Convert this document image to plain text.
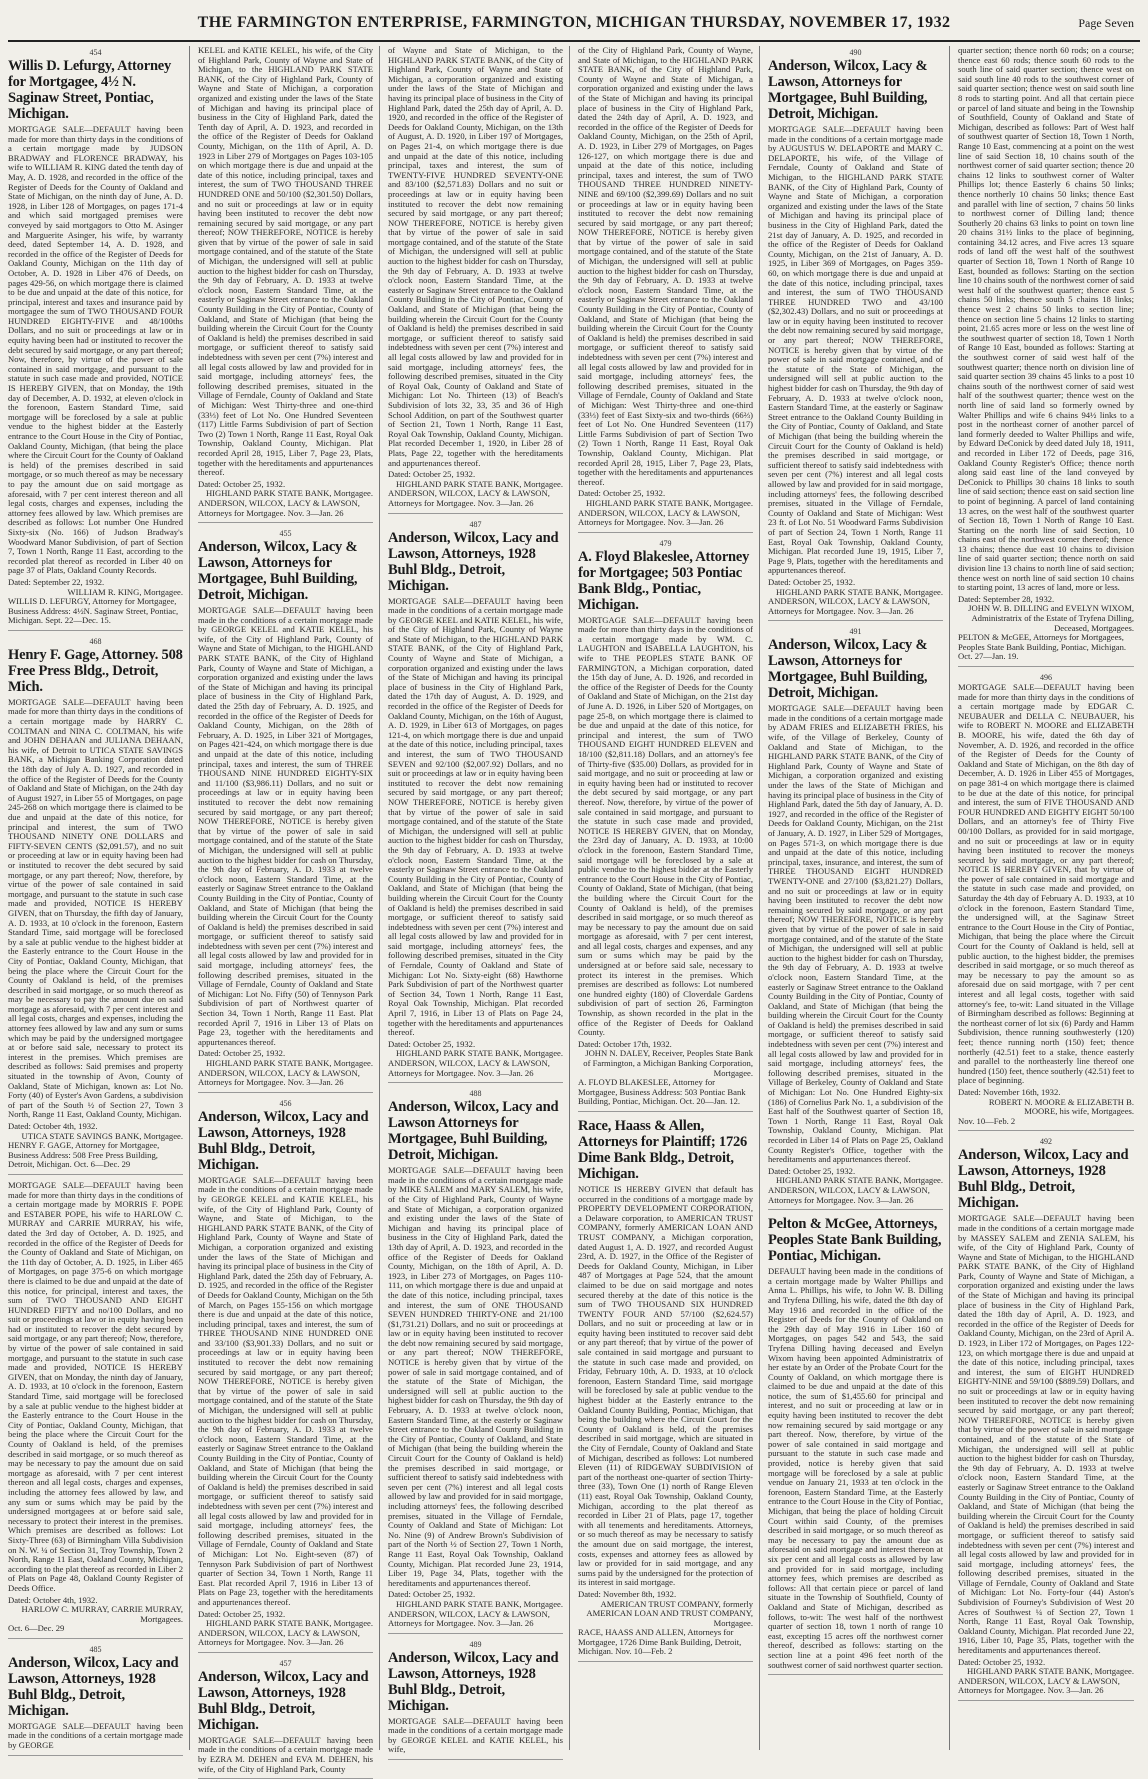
THE FARMINGTON ENTERPRISE, FARMINGTON, MICHIGAN THURSDAY, NOVEMBER 17, 1932	Page Seven
454
Willis D. Lefurgy, Attorney for Mortgagee, 4½ N. Saginaw Street, Pontiac, Michigan.
MORTGAGE SALE—DEFAULT having been made for more than thirty days in the conditions of a certain mortgage made by JUDSON BRADWAY and FLORENCE BRADWAY, his wife to WILLIAM R. KING dated the tenth day of May, A. D. 1928, and recorded in the office of the Register of Deeds for the County of Oakland and State of Michigan, on the ninth day of June, A. D. 1928, in Liber 128 of Mortgages, on pages 171-4 and which said mortgaged premises were conveyed by said mortgagors to Otto M. Asinger and Marguerite Asinger, his wife, by warranty deed, dated September 14, A. D. 1928, and recorded in the office of the Register of Deeds for Oakland County, Michigan on the 11th day of October, A. D. 1928 in Liber 476 of Deeds, on pages 429-56, on which mortgage there is claimed to be due and unpaid at the date of this notice, for principal, interest and taxes and insurance paid by mortgagee the sum of TWO THOUSAND FOUR HUNDRED EIGHTY-FIVE and 48/100ths Dollars, and no suit or proceedings at law or in equity having been had or instituted to recover the debt secured by said mortgage, or any part thereof; Now, therefore, by virtue of the power of sale contained in said mortgage, and pursuant to the statute in such case made and provided, NOTICE IS HEREBY GIVEN, that on Monday, the 19th day of December, A. D. 1932, at eleven o'clock in the forenoon, Eastern Standard Time, said mortgage will be foreclosed by a sale at public vendue to the highest bidder at the Easterly entrance to the Court House in the City of Pontiac, Oakland County, Michigan, (that being the place where the Circuit Court for the County of Oakland is held) of the premises described in said mortgage, or so much thereof as may be necessary to pay the amount due on said mortgage as aforesaid, with 7 per cent interest thereon and all legal costs, charges and expenses, including the attorney fees allowed by law. Which premises are described as follows: Lot number One Hundred Sixty-six (No. 166) of Judson Bradway's Woodward Manor Subdivision, of part of Section 7, Town 1 North, Range 11 East, according to the recorded plat thereof as recorded in Liber 40 on page 37 of Plats, Oakland County Records.
Dated: September 22, 1932.
WILLIAM R. KING, Mortgagee.
WILLIS D. LEFURGY, Attorney for Mortgagee, Business Address: 4½N. Saginaw Street, Pontiac, Michigan. Sept. 22—Dec. 15.
468
Henry F. Gage, Attorney. 508 Free Press Bldg., Detroit, Mich.
MORTGAGE SALE—DEFAULT having been made for more than thirty days in the conditions of a certain mortgage made by HARRY C. COLTMAN and NINA C. COLTMAN, his wife and JOHN DEHAAN and JULIANA DEHAAN, his wife, of Detroit to UTICA STATE SAVINGS BANK, a Michigan Banking Corporation dated the 18th day of July A. D. 1927, and recorded in the office of the Register of Deeds for the County of Oakland and State of Michigan, on the 24th day of August 1927, in Liber 55 of Mortgages, on page 245-268 on which mortgage there is claimed to be due and unpaid at the date of this notice, for principal and interest, the sum of TWO THOUSAND NINETY ONE DOLLARS and FIFTY-SEVEN CENTS ($2,091.57), and no suit or proceeding at law or in equity having been had or instituted to recover the debt secured by said mortgage, or any part thereof; Now, therefore, by virtue of the power of sale contained in said mortgage, and pursuant to the statute in such case made and provided, NOTICE IS HEREBY GIVEN, that on Thursday, the fifth day of January, A. D. 1933, at 10 o'clock in the forenoon, Eastern Standard Time, said mortgage will be foreclosed by a sale at public vendue to the highest bidder at the Easterly entrance to the Court House in the City of Pontiac, Oakland County, Michigan, that being the place where the Circuit Court for the County of Oakland is held, of the premises described in said mortgage, or so much thereof as may be necessary to pay the amount due on said mortgage as aforesaid, with 7 per cent interest and all legal costs, charges and expenses, including the attorney fees allowed by law and any sum or sums which may be paid by the undersigned mortgagee at or before said sale, necessary to protect its interest in the premises. Which premises are described as follows: Said premises and property situated in the township of Avon, County of Oakland, State of Michigan, known as: Lot No. Forty (40) of Eyster's Avon Gardens, a subdivision of part of the South ½ of Section 27, Town 3 North, Range 11 East, Oakland County, Michigan.
Dated: October 4th, 1932.
UTICA STATE SAVINGS BANK, Mortgagee.
HENRY F. GAGE, Attorney for Mortgagee, Business Address: 508 Free Press Building, Detroit, Michigan. Oct. 6—Dec. 29
MORTGAGE SALE—DEFAULT having been made for more than thirty days in the conditions of a certain mortgage made by MORRIS F. POPE and ESTABER POPE, his wife to HARLOW C. MURRAY and CARRIE MURRAY, his wife, dated the 3rd day of October, A. D. 1925, and recorded in the office of the Register of Deeds for the County of Oakland and State of Michigan, on the 11th day of October, A. D. 1925, in Liber 465 of Mortgages, on page 375-6 on which mortgage there is claimed to be due and unpaid at the date of this notice, for principal, interest and taxes, the sum of TWO THOUSAND AND EIGHT HUNDRED FIFTY and no/100 Dollars, and no suit or proceedings at law or in equity having been had or instituted to recover the debt secured by said mortgage, or any part thereof; Now, therefore, by virtue of the power of sale contained in said mortgage, and pursuant to the statute in such case made and provided, NOTICE IS HEREBY GIVEN, that on Monday, the ninth day of January, A. D. 1933, at 10 o'clock in the forenoon, Eastern Standard Time, said mortgage will be foreclosed by a sale at public vendue to the highest bidder at the Easterly entrance to the Court House in the City of Pontiac, Oakland County, Michigan, that being the place where the Circuit Court for the County of Oakland is held, of the premises described in said mortgage, or so much thereof as may be necessary to pay the amount due on said mortgage as aforesaid, with 7 per cent interest thereon and all legal costs, charges and expenses, including the attorney fees allowed by law, and any sum or sums which may be paid by the undersigned mortgagees at or before said sale, necessary to protect their interest in the premises. Which premises are described as follows: Lot Sixty-Three (63) of Birmingham Villa Subdivision on N. W. ¼ of Section 31, Troy Township, Town 2 North, Range 11 East, Oakland County, Michigan, according to the plat thereof as recorded in Liber 2 of Plats on Page 48, Oakland County Register of Deeds Office.
Dated: October 4th, 1932.
HARLOW C. MURRAY, CARRIE MURRAY, Mortgagees.
Oct. 6—Dec. 29
485
Anderson, Wilcox, Lacy and Lawson, Attorneys, 1928 Buhl Bldg., Detroit, Michigan.
MORTGAGE SALE—DEFAULT having been made in the conditions of a certain mortgage made by GEORGE
KELEL and KATIE KELEL, his wife, of the City of Highland Park, County of Wayne and State of Michigan, to the HIGHLAND PARK STATE BANK, of the City of Highland Park, County of Wayne and State of Michigan, a corporation organized and existing under the laws of the State of Michigan and having its principal place of business in the City of Highland Park, dated the Tenth day of April, A. D. 1923, and recorded in the office of the Register of Deeds for Oakland County, Michigan, on the 11th of April, A. D. 1923 in Liber 279 of Mortgages on Pages 103-105 on which mortgage there is due and unpaid at the date of this notice, including principal, taxes and interest, the sum of TWO THOUSAND THREE HUNDRED ONE and 50/100 ($2,301.50) Dollars, and no suit or proceedings at law or in equity having been instituted to recover the debt now remaining secured by said mortgage, or any part thereof; NOW THEREFORE, NOTICE is hereby given that by virtue of the power of sale in said mortgage contained, and of the statute of the State of Michigan, the undersigned will sell at public auction to the highest bidder for cash on Thursday, the 9th day of February, A. D. 1933 at twelve o'clock noon, Eastern Standard Time, at the easterly or Saginaw Street entrance to the Oakland County Building in the City of Pontiac, County of Oakland, and State of Michigan (that being the building wherein the Circuit Court for the County of Oakland is held) the premises described in said mortgage, or sufficient thereof to satisfy said indebtedness with seven per cent (7%) interest and all legal costs allowed by law and provided for in said mortgage, including attorneys' fees, the following described premises, situated in the Village of Ferndale, County of Oakland and State of Michigan: West Thirty-three and one-third (33⅓) feet of Lot No. One Hundred Seventeen (117) Little Farms Subdivision of part of Section Two (2) Town 1 North, Range 11 East, Royal Oak Township, Oakland County, Michigan. Plat recorded April 28, 1915, Liber 7, Page 23, Plats, together with the hereditaments and appurtenances thereof.
Dated: October 25, 1932.
HIGHLAND PARK STATE BANK, Mortgagee.
ANDERSON, WILCOX, LACY & LAWSON, Attorneys for Mortgagee. Nov. 3—Jan. 26
455
Anderson, Wilcox, Lacy & Lawson, Attorneys for Mortgagee, Buhl Building, Detroit, Michigan.
MORTGAGE SALE—DEFAULT having been made in the conditions of a certain mortgage made by GEORGE KELEL and KATIE KELEL, his wife, of the City of Highland Park, County of Wayne and State of Michigan, to the HIGHLAND PARK STATE BANK, of the City of Highland Park, County of Wayne and State of Michigan, a corporation organized and existing under the laws of the State of Michigan and having its principal place of business in the City of Highland Park, dated the 25th day of February, A. D. 1925, and recorded in the office of the Register of Deeds for Oakland County, Michigan, on the 28th of February, A. D. 1925, in Liber 321 of Mortgages, on Pages 421-424, on which mortgage there is due and unpaid at the date of this notice, including principal, taxes and interest, the sum of THREE THOUSAND NINE HUNDRED EIGHTY-SIX and 11/100 ($3,986.11) Dollars, and no suit or proceedings at law or in equity having been instituted to recover the debt now remaining secured by said mortgage, or any part thereof; NOW THEREFORE, NOTICE is hereby given that by virtue of the power of sale in said mortgage contained, and of the statute of the State of Michigan, the undersigned will sell at public auction to the highest bidder for cash on Thursday, the 9th day of February, A. D. 1933 at twelve o'clock noon, Eastern Standard Time, at the easterly or Saginaw Street entrance to the Oakland County Building in the City of Pontiac, County of Oakland, and State of Michigan (that being the building wherein the Circuit Court for the County of Oakland is held) the premises described in said mortgage, or sufficient thereof to satisfy said indebtedness with seven per cent (7%) interest and all legal costs allowed by law and provided for in said mortgage, including attorneys' fees, the following described premises, situated in the Village of Ferndale, County of Oakland and State of Michigan: Lot No. Fifty (50) of Tennyson Park Subdivision of part of Northwest quarter of Section 34, Town 1 North, Range 11 East. Plat recorded April 7, 1916 in Liber 13 of Plats on Page 23, together with the hereditaments and appurtenances thereof.
Dated: October 25, 1932.
HIGHLAND PARK STATE BANK, Mortgagee.
ANDERSON, WILCOX, LACY & LAWSON, Attorneys for Mortgagee. Nov. 3—Jan. 26
456
Anderson, Wilcox, Lacy and Lawson, Attorneys, 1928 Buhl Bldg., Detroit, Michigan.
MORTGAGE SALE—DEFAULT having been made in the conditions of a certain mortgage made by GEORGE KELEL and KATIE KELEL, his wife, of the City of Highland Park, County of Wayne, and State of Michigan, to the HIGHLAND PARK STATE BANK, of the City of Highland Park, County of Wayne and State of Michigan, a corporation organized and existing under the laws of the State of Michigan and having its principal place of business in the City of Highland Park, dated the 25th day of February, A. D. 1925, and recorded in the office of the Register of Deeds for Oakland County, Michigan on the 5th of March, on Pages 155-156 on which mortgage there is due and unpaid at the date of this notice, including principal, taxes and interest, the sum of THREE THOUSAND NINE HUNDRED ONE and 33/100 ($3,901.33) Dollars, and no suit or proceedings at law or in equity having been instituted to recover the debt now remaining secured by said mortgage, or any part thereof; NOW THEREFORE, NOTICE is hereby given that by virtue of the power of sale in said mortgage contained, and of the statute of the State of Michigan, the undersigned will sell at public auction to the highest bidder for cash on Thursday, the 9th day of February, A. D. 1933 at twelve o'clock noon, Eastern Standard Time, at the easterly or Saginaw Street entrance to the Oakland County Building in the City of Pontiac, County of Oakland, and State of Michigan (that being the building wherein the Circuit Court for the County of Oakland is held) the premises described in said mortgage, or sufficient thereof to satisfy said indebtedness with seven per cent (7%) interest and all legal costs allowed by law and provided for in said mortgage, including attorneys' fees, the following described premises, situated in the Village of Ferndale, County of Oakland and State of Michigan: Lot No. Eight-seven (87) of Tennyson Park Subdivision of part of Northwest quarter of Section 34, Town 1 North, Range 11 East. Plat recorded April 7, 1916 in Liber 13 of Plats on Page 23, together with the hereditaments and appurtenances thereof.
Dated: October 25, 1932.
HIGHLAND PARK STATE BANK, Mortgagee.
ANDERSON, WILCOX, LACY & LAWSON, Attorneys for Mortgagee. Nov. 3—Jan. 26
457
Anderson, Wilcox, Lacy and Lawson, Attorneys, 1928 Buhl Bldg., Detroit, Michigan.
MORTGAGE SALE—DEFAULT having been made in the conditions of a certain mortgage made by EZRA M. DEHEN and EVA M. DEHEN, his wife, of the City of Highland Park, County
of Wayne and State of Michigan, to the HIGHLAND PARK STATE BANK, of the City of Highland Park, County of Wayne and State of Michigan, a corporation organized and existing under the laws of the State of Michigan and having its principal place of business in the City of Highland Park, dated the 25th day of April, A. D. 1920, and recorded in the office of the Register of Deeds for Oakland County, Michigan, on the 13th of August, A. D. 1920, in Liber 197 of Mortgages, on Pages 21-4, on which mortgage there is due and unpaid at the date of this notice, including principal, taxes and interest, the sum of TWENTY-FIVE HUNDRED SEVENTY-ONE and 83/100 ($2,571.83) Dollars and no suit or proceedings at law or in equity having been instituted to recover the debt now remaining secured by said mortgage, or any part thereof; NOW THEREFORE, NOTICE is hereby given that by virtue of the power of sale in said mortgage contained, and of the statute of the State of Michigan, the undersigned will sell at public auction to the highest bidder for cash on Thursday, the 9th day of February, A. D. 1933 at twelve o'clock noon, Eastern Standard Time, at the easterly or Saginaw Street entrance to the Oakland County Building in the City of Pontiac, County of Oakland, and State of Michigan (that being the building wherein the Circuit Court for the County of Oakland is held) the premises described in said mortgage, or sufficient thereof to satisfy said indebtedness with seven per cent (7%) interest and all legal costs allowed by law and provided for in said mortgage, including attorneys' fees, the following described premises, situated in the City of Royal Oak, County of Oakland and State of Michigan: Lot No. Thirteen (13) of Beach's Subdivision of lots 32, 33, 35 and 36 of High School Addition, on part of the Southwest quarter of Section 21, Town 1 North, Range 11 East, Royal Oak Township, Oakland County, Michigan. Plat recorded December 1, 1920, in Liber 28 of Plats, Page 22, together with the hereditaments and appurtenances thereof.
Dated: October 25, 1932.
HIGHLAND PARK STATE BANK, Mortgagee.
ANDERSON, WILCOX, LACY & LAWSON, Attorneys for Mortgagee. Nov. 3—Jan. 26
487
Anderson, Wilcox, Lacy and Lawson, Attorneys, 1928 Buhl Bldg., Detroit, Michigan.
MORTGAGE SALE—DEFAULT having been made in the conditions of a certain mortgage made by GEORGE KEEL and KATIE KELEL, his wife, of the City of Highland Park, County of Wayne and State of Michigan, to the HIGHLAND PARK STATE BANK, of the City of Highland Park, County of Wayne and State of Michigan, a corporation organized and existing under the laws of the State of Michigan and having its principal place of business in the City of Highland Park, dated the 17th day of August, A. D. 1929, and recorded in the office of the Register of Deeds for Oakland County, Michigan, on the 16th of August, A. D. 1929, in Liber 613 of Mortgages, on pages 121-4, on which mortgage there is due and unpaid at the date of this notice, including principal, taxes and interest, the sum of TWO THOUSAND SEVEN and 92/100 ($2,007.92) Dollars, and no suit or proceedings at law or in equity having been instituted to recover the debt now remaining secured by said mortgage, or any part thereof; NOW THEREFORE, NOTICE is hereby given that by virtue of the power of sale in said mortgage contained, and of the statute of the State of Michigan, the undersigned will sell at public auction to the highest bidder for cash on Thursday, the 9th day of February, A. D. 1933 at twelve o'clock noon, Eastern Standard Time, at the easterly or Saginaw Street entrance to the Oakland County Building in the City of Pontiac, County of Oakland, and State of Michigan (that being the building wherein the Circuit Court for the County of Oakland is held) the premises described in said mortgage, or sufficient thereof to satisfy said indebtedness with seven per cent (7%) interest and all legal costs allowed by law and provided for in said mortgage, including attorneys' fees, the following described premises, situated in the City of Ferndale, County of Oakland and State of Michigan: Lot No. Sixty-eight (68) Hawthorne Park Subdivision of part of the Northwest quarter of Section 34, Town 1 North, Range 11 East, Royal Oak Township, Michigan. Plat recorded April 7, 1916, in Liber 13 of Plats on Page 24, together with the hereditaments and appurtenances thereof.
Dated: October 25, 1932.
HIGHLAND PARK STATE BANK, Mortgagee.
ANDERSON, WILCOX, LACY & LAWSON, Attorneys for Mortgagee. Nov. 3—Jan. 26
488
Anderson, Wilcox, Lacy and Lawson Attorneys for Mortgagee, Buhl Building, Detroit, Michigan.
MORTGAGE SALE—DEFAULT having been made in the conditions of a certain mortgage made by MIKE SALEM and MARY SALEM, his wife, of the City of Highland Park, County of Wayne and State of Michigan, a corporation organized and existing under the laws of the State of Michigan and having its principal place of business in the City of Highland Park, dated the 13th day of April, A. D. 1923, and recorded in the office of the Register of Deeds for Oakland County, Michigan, on the 18th of April, A. D. 1923, in Liber 273 of Mortgages, on Pages 110-111, on which mortgage there is due and unpaid at the date of this notice, including principal, taxes and interest, the sum of ONE THOUSAND SEVEN HUNDRED THIRTY-ONE and 21/100 ($1,731.21) Dollars, and no suit or proceedings at law or in equity having been instituted to recover the debt now remaining secured by said mortgage, or any part thereof; NOW THEREFORE, NOTICE is hereby given that by virtue of the power of sale in said mortgage contained, and of the statute of the State of Michigan, the undersigned will sell at public auction to the highest bidder for cash on Thursday, the 9th day of February, A. D. 1933 at twelve o'clock noon, Eastern Standard Time, at the easterly or Saginaw Street entrance to the Oakland County Building in the City of Pontiac, County of Oakland, and State of Michigan (that being the building wherein the Circuit Court for the County of Oakland is held) the premises described in said mortgage, or sufficient thereof to satisfy said indebtedness with seven per cent (7%) interest and all legal costs allowed by law and provided for in said mortgage, including attorneys' fees, the following described premises, situated in the Village of Ferndale, County of Oakland and State of Michigan: Lot No. Nine (9) of Andrew Brown's Subdivision of part of the North ½ of Section 27, Town 1 North, Range 11 East, Royal Oak Township, Oakland County, Michigan. Plat recorded June 23, 1914, Liber 19, Page 34, Plats, together with the hereditaments and appurtenances thereof.
Dated: October 25, 1932.
HIGHLAND PARK STATE BANK, Mortgagee.
ANDERSON, WILCOX, LACY & LAWSON, Attorneys for Mortgagee. Nov. 3—Jan. 26
489
Anderson, Wilcox, Lacy and Lawson, Attorneys, 1928 Buhl Bldg., Detroit, Michigan.
MORTGAGE SALE—DEFAULT having been made in the conditions of a certain mortgage made by GEORGE KELEL and KATIE KELEL, his wife,
of the City of Highland Park, County of Wayne, and State of Michigan, to the HIGHLAND PARK STATE BANK, of the City of Highland Park, County of Wayne and State of Michigan, a corporation organized and existing under the laws of the State of Michigan and having its principal place of business in the City of Highland Park, dated the 24th day of April, A. D. 1923, and recorded in the office of the Register of Deeds for Oakland County, Michigan, on the 25th of April, A. D. 1923, in Liber 279 of Mortgages, on Pages 126-127, on which mortgage there is due and unpaid at the date of this notice, including principal, taxes and interest, the sum of TWO THOUSAND THREE HUNDRED NINETY-NINE and 69/100 ($2,399.69) Dollars and no suit or proceedings at law or in equity having been instituted to recover the debt now remaining secured by said mortgage, or any part thereof; NOW THEREFORE, NOTICE is hereby given that by virtue of the power of sale in said mortgage contained, and of the statute of the State of Michigan, the undersigned will sell at public auction to the highest bidder for cash on Thursday, the 9th day of February, A. D. 1933 at twelve o'clock noon, Eastern Standard Time, at the easterly or Saginaw Street entrance to the Oakland County Building in the City of Pontiac, County of Oakland, and State of Michigan (that being the building wherein the Circuit Court for the County of Oakland is held) the premises described in said mortgage, or sufficient thereof to satisfy said indebtedness with seven per cent (7%) interest and all legal costs allowed by law and provided for in said mortgage, including attorneys' fees, the following described premises, situated in the Village of Ferndale, County of Oakland and State of Michigan: West Thirty-three and one-third (33⅓) feet of East Sixty-six and two-thirds (66⅔) feet of Lot No. One Hundred Seventeen (117) Little Farms Subdivision of part of Section Two (2) Town 1 North, Range 11 East, Royal Oak Township, Oakland County, Michigan. Plat recorded April 28, 1915, Liber 7, Page 23, Plats, together with the hereditaments and appurtenances thereof.
Dated: October 25, 1932.
HIGHLAND PARK STATE BANK, Mortgagee.
ANDERSON, WILCOX, LACY & LAWSON, Attorneys for Mortgagee. Nov. 3—Jan. 26
479
A. Floyd Blakeslee, Attorney for Mortgagee; 503 Pontiac Bank Bldg., Pontiac, Michigan.
MORTGAGE SALE—DEFAULT having been made for more than thirty days in the conditions of a certain mortgage made by WM. C. LAUGHTON and ISABELLA LAUGHTON, his wife to THE PEOPLES STATE BANK OF FARMINGTON, a Michigan corporation, dated the 15th day of June, A. D. 1926, and recorded in the office of the Register of Deeds for the County of Oakland and State of Michigan, on the 21st day of June A. D. 1926, in Liber 520 of Mortgages, on page 25-8, on which mortgage there is claimed to be due and unpaid at the date of this notice, for principal and interest, the sum of TWO THOUSAND EIGHT HUNDRED ELEVEN and 18/100 ($2,811.18) Dollars, and an attorney's fee of Thirty-five ($35.00) Dollars, as provided for in said mortgage, and no suit or proceeding at law or in equity having been had or instituted to recover the debt secured by said mortgage, or any part thereof. Now, therefore, by virtue of the power of sale contained in said mortgage, and pursuant to the statute in such case made and provided, NOTICE IS HEREBY GIVEN, that on Monday, the 23rd day of January, A. D. 1933, at 10:00 o'clock in the forenoon, Eastern Standard Time, said mortgage will be foreclosed by a sale at public vendue to the highest bidder at the Easterly entrance to the Court House in the City of Pontiac, County of Oakland, State of Michigan, (that being the building where the Circuit Court for the County of Oakland is held), of the premises described in said mortgage, or so much thereof as may be necessary to pay the amount due on said mortgage as aforesaid, with 7 per cent interest, and all legal costs, charges and expenses, and any sum or sums which may be paid by the undersigned at or before said sale, necessary to protect its interest in the premises. Which premises are described as follows: Lot numbered one hundred eighty (180) of Cloverdale Gardens subdivision of part of section 26, Farmington Township, as shown recorded in the plat in the office of the Register of Deeds for Oakland County.
Dated: October 17th, 1932.
JOHN N. DALEY, Receiver, Peoples State Bank of Farmington, a Michigan Banking Corporation, Mortgagee.
A. FLOYD BLAKESLEE, Attorney for Mortgagee, Business Address: 503 Pontiac Bank Building, Pontiac, Michigan. Oct. 20—Jan. 12.
Race, Haass & Allen, Attorneys for Plaintiff; 1726 Dime Bank Bldg., Detroit, Michigan.
NOTICE IS HEREBY GIVEN that default has occurred in the conditions of a mortgage made by PROPERTY DEVELOPMENT CORPORATION, a Delaware corporation, to AMERICAN TRUST COMPANY, formerly AMERICAN LOAN AND TRUST COMPANY, a Michigan corporation, dated August 1, A. D. 1927, and recorded August 23rd, A. D. 1927, in the Office of the Register of Deeds for Oakland County, Michigan, in Liber 487 of Mortgages at Page 524, that the amount claimed to be due on said mortgage and notes secured thereby at the date of this notice is the sum of TWO THOUSAND SIX HUNDRED TWENTY FOUR AND 57/100 ($2,624.57) Dollars, and no suit or proceeding at law or in equity having been instituted to recover said debt or any part thereof; that by virtue of the power of sale contained in said mortgage and pursuant to the statute in such case made and provided, on Friday, February 10th, A. D. 1933, at 10 o'clock forenoon, Eastern Standard Time, said mortgage will be foreclosed by sale at public vendue to the highest bidder at the Easterly entrance to the Oakland County Building, Pontiac, Michigan, that being the building where the Circuit Court for the County of Oakland is held, of the premises described in said mortgage, which are situated in the City of Ferndale, County of Oakland and State of Michigan, described as follows: Lot numbered Eleven (11) of RIDGEWAY SUBDIVISION of part of the northeast one-quarter of section Thirty-three (33), Town One (1) north of Range Eleven (11) east, Royal Oak Township, Oakland County, Michigan, according to the plat thereof as recorded in Liber 21 of Plats, page 17, together with all tenements and hereditaments. Attorneys, or so much thereof as may be necessary to satisfy the amount due on said mortgage, the interest, costs, expenses and attorney fees as allowed by law or provided for in said mortgage, and any sums paid by the undersigned for the protection of its interest in said mortgage.
Dated: November 8th, 1932.
AMERICAN TRUST COMPANY, formerly AMERICAN LOAN AND TRUST COMPANY, Mortgagee.
RACE, HAASS AND ALLEN, Attorneys for Mortgagee, 1726 Dime Bank Building, Detroit, Michigan. Nov. 10—Feb. 2
490
Anderson, Wilcox, Lacy & Lawson, Attorneys for Mortgagee, Buhl Building, Detroit, Michigan.
MORTGAGE SALE—DEFAULT having been made in the conditions of a certain mortgage made by AUGUSTUS W. DELAPORTE and MARY C. DELAPORTE, his wife, of the Village of Ferndale, County of Oakland and State of Michigan, to the HIGHLAND PARK STATE BANK, of the City of Highland Park, County of Wayne and State of Michigan, a corporation organized and existing under the laws of the State of Michigan and having its principal place of business in the City of Highland Park, dated the 21st day of January, A. D. 1925, and recorded in the office of the Register of Deeds for Oakland County, Michigan, on the 21st of January, A. D. 1925, in Liber 369 of Mortgages, on Pages 359-60, on which mortgage there is due and unpaid at the date of this notice, including principal, taxes and interest, the sum of TWO THOUSAND THREE HUNDRED TWO and 43/100 ($2,302.43) Dollars, and no suit or proceedings at law or in equity having been instituted to recover the debt now remaining secured by said mortgage, or any part thereof; NOW THEREFORE, NOTICE is hereby given that by virtue of the power of sale in said mortgage contained, and of the statute of the State of Michigan, the undersigned will sell at public auction to the highest bidder for cash on Thursday, the 9th day of February, A. D. 1933 at twelve o'clock noon, Eastern Standard Time, at the easterly or Saginaw Street entrance to the Oakland County Building in the City of Pontiac, County of Oakland, and State of Michigan (that being the building wherein the Circuit Court for the County of Oakland is held) the premises described in said mortgage, or sufficient thereof to satisfy said indebtedness with seven per cent (7%) interest and all legal costs allowed by law and provided for in said mortgage, including attorneys' fees, the following described premises, situated in the Village of Ferndale, County of Oakland and State of Michigan: West 23 ft. of Lot No. 51 Woodward Farms Subdivision of part of Section 24, Town 1 North, Range 11 East, Royal Oak Township, Oakland County, Michigan. Plat recorded June 19, 1915, Liber 7, Page 9, Plats, together with the hereditaments and appurtenances thereof.
Dated: October 25, 1932.
HIGHLAND PARK STATE BANK, Mortgagee.
ANDERSON, WILCOX, LACY & LAWSON, Attorneys for Mortgagee. Nov. 3—Jan. 26
491
Anderson, Wilcox, Lacy & Lawson, Attorneys for Mortgagee, Buhl Building, Detroit, Michigan.
MORTGAGE SALE—DEFAULT having been made in the conditions of a certain mortgage made by ADAM FRIES and ELIZABETH FRIES, his wife, of the Village of Berkeley, County of Oakland and State of Michigan, to the HIGHLAND PARK STATE BANK, of the City of Highland Park, County of Wayne and State of Michigan, a corporation organized and existing under the laws of the State of Michigan and having its principal place of business in the City of Highland Park, dated the 5th day of January, A. D. 1927, and recorded in the office of the Register of Deeds for Oakland County, Michigan, on the 21st of January, A. D. 1927, in Liber 529 of Mortgages, on Pages 571-3, on which mortgage there is due and unpaid at the date of this notice, including principal, taxes, insurance, and interest, the sum of THREE THOUSAND EIGHT HUNDRED TWENTY-ONE and 27/100 ($3,821.27) Dollars, and no suit or proceedings at law or in equity having been instituted to recover the debt now remaining secured by said mortgage, or any part thereof; NOW THEREFORE, NOTICE is hereby given that by virtue of the power of sale in said mortgage contained, and of the statute of the State of Michigan, the undersigned will sell at public auction to the highest bidder for cash on Thursday, the 9th day of February, A. D. 1933 at twelve o'clock noon, Eastern Standard Time, at the easterly or Saginaw Street entrance to the Oakland County Building in the City of Pontiac, County of Oakland, and State of Michigan (that being the building wherein the Circuit Court for the County of Oakland is held) the premises described in said mortgage, or sufficient thereof to satisfy said indebtedness with seven per cent (7%) interest and all legal costs allowed by law and provided for in said mortgage, including attorneys' fees, the following described premises, situated in the Village of Berkeley, County of Oakland and State of Michigan: Lot No. One Hundred Eighty-six (186) of Cornelius Park No. 1, a subdivision of the East half of the Southwest quarter of Section 18, Town 1 North, Range 11 East, Royal Oak Township, Oakland County, Michigan. Plat recorded in Liber 14 of Plats on Page 25, Oakland County Register's Office, together with the hereditaments and appurtenances thereof.
Dated: October 25, 1932.
HIGHLAND PARK STATE BANK, Mortgagee.
ANDERSON, WILCOX, LACY & LAWSON, Attorneys for Mortgagee. Nov. 3—Jan. 26
Pelton & McGee, Attorneys, Peoples State Bank Building, Pontiac, Michigan.
DEFAULT having been made in the conditions of a certain mortgage made by Walter Phillips and Anna L. Phillips, his wife, to John W. B. Dilling and Tryfena Dilling, his wife, dated the 8th day of May 1916 and recorded in the office of the Register of Deeds for the County of Oakland on the 29th day of May 1916 in Liber 160 of Mortgages, on pages 542 and 543, the said Tryfena Dilling having deceased and Evelyn Wixom having been appointed Administratrix of her estate by an Order of the Probate Court for the County of Oakland, on which mortgage there is claimed to be due and unpaid at the date of this notice, the sum of $1,455.60 for principal and interest, and no suit or proceeding at law or in equity having been instituted to recover the debt now remaining secured by said mortgage or any part thereof. Now, therefore, by virtue of the power of sale contained in said mortgage and pursuant to the statute in such case made and provided, notice is hereby given that said mortgage will be foreclosed by a sale at public vendue on January 21, 1933 at ten o'clock in the forenoon, Eastern Standard Time, at the Easterly entrance to the Court House in the City of Pontiac, Michigan, that being the place of holding Circuit Court within said County, of the premises described in said mortgage, or so much thereof as may be necessary to pay the amount due as aforesaid on said mortgage and interest thereon at six per cent and all legal costs as allowed by law and provided for in said mortgage, including attorney fees, which premises are described as follows: All that certain piece or parcel of land situate in the Township of Southfield, County of Oakland and State of Michigan, described as follows, to-wit: The west half of the northwest quarter of section 18, town 1 north of range 10 east, excepting 15 acres off the northwest corner thereof, described as follows: starting on the section line at a point 496 feet north of the southwest corner of said northwest quarter section.
quarter section; thence north 60 rods; on a course; thence east 60 rods; thence south 60 rods to the south line of said quarter section; thence west on said south line 40 rods to the southwest corner of said quarter section; thence west on said south line 8 rods to starting point. And all that certain piece or parcel of land situate and being in the Township of Southfield, County of Oakland and State of Michigan, described as follows: Part of West half of southwest quarter of Section 18, Town 1 North, Range 10 East, commencing at a point on the west line of said Section 18, 10 chains south of the northwest corner of said quarter section; thence 20 chains 12 links to southwest corner of Walter Phillips lot; thence Easterly 6 chains 50 links; thence northerly 10 chains 50 links; thence East and parallel with line of section, 7 chains 50 links to northwest corner of Dilling land; thence Southerly 20 chains 63 links to point on town line 20 chains 31½ links to the place of beginning, containing 34.12 acres, and Five acres 13 square rods of land off the west half of the southwest quarter of Section 18, Town 1 North of Range 10 East, bounded as follows: Starting on the section line 10 chains south of the northwest corner of said west half of the southwest quarter; thence east 5 chains 50 links; thence south 5 chains 18 links; thence west 2 chains 50 links to section line; thence on section line 5 chains 12 links to starting point, 21.65 acres more or less on the west line of the southwest quarter of section 18, Town 1 North of Range 10 East, bounded as follows: Starting at the southwest corner of said west half of the southwest quarter; thence north on division line of said quarter section 39 chains 45 links to a post 10 chains south of the northwest corner of said west half of the southwest quarter; thence west on the north line of said land so formerly owned by Walter Phillips and wife 6 chains 94½ links to a post in the northeast corner of another parcel of land formerly deeded to Walter Phillips and wife, by Edward DeConick by deed dated July 18, 1911, and recorded in Liber 172 of Deeds, page 316, Oakland County Register's Office; thence north along said east line of the land conveyed by DeConick to Phillips 30 chains 18 links to south line of said section; thence east on said section line to point of beginning. A parcel of land containing 13 acres, on the west half of the southwest quarter of Section 18, Town 1 North of Range 10 East. Starting on the north line of said Section, 10 chains east of the northwest corner thereof; thence 13 chains; thence due east 10 chains to division line of said quarter section; thence north on said division line 13 chains to north line of said section; thence west on north line of said section 10 chains to starting point, 13 acres of land, more or less.
Dated: September 28, 1932.
JOHN W. B. DILLING and EVELYN WIXOM, Administratrix of the Estate of Tryfena Dilling, Deceased, Mortgagees.
PELTON & McGEE, Attorneys for Mortgagees, Peoples State Bank Building, Pontiac, Michigan. Oct. 27—Jan. 19.
496
MORTGAGE SALE—DEFAULT having been made for more than thirty days in the conditions of a certain mortgage made by EDGAR C. NEUBAUER and DELLA C. NEUBAUER, his wife to ROBERT N. MOORE and ELIZABETH B. MOORE, his wife, dated the 6th day of November, A. D. 1926, and recorded in the office of the Register of Deeds for the County of Oakland and State of Michigan, on the 8th day of December, A. D. 1926 in Liber 455 of Mortgages, on page 381-4 on which mortgage there is claimed to be due at the date of this notice, for principal and interest, the sum of FIVE THOUSAND AND FOUR HUNDRED AND EIGHTY EIGHT 50/100 Dollars, and an attorney's fee of Thirty Five 00/100 Dollars, as provided for in said mortgage, and no suit or proceedings at law or in equity having been instituted to recover the moneys secured by said mortgage, or any part thereof; NOTICE IS HEREBY GIVEN, that by virtue of the power of sale contained in said mortgage and the statute in such case made and provided, on Saturday the 4th day of February A. D. 1933, at 10 o'clock in the forenoon, Eastern Standard Time, the undersigned will, at the Saginaw Street entrance to the Court House in the City of Pontiac, Michigan, that being the place where the Circuit Court for the County of Oakland is held, sell at public auction, to the highest bidder, the premises described in said mortgage, or so much thereof as may be necessary to pay the amount so as aforesaid due on said mortgage, with 7 per cent interest and all legal costs, together with said attorney's fee, to-wit: Land situated in the Village of Birmingham described as follows: Beginning at the northeast corner of lot six (6) Pardy and Hamm Subdivision, thence running southwesterly (120) feet; thence running north (150) feet; thence northerly (42.51) feet to a stake, thence easterly and parallel to the northeasterly line thereof one hundred (150) feet, thence southerly (42.51) feet to place of beginning.
Dated: November 16th, 1932.
ROBERT N. MOORE & ELIZABETH B. MOORE, his wife, Mortgagees.
Nov. 10—Feb. 2
492
Anderson, Wilcox, Lacy and Lawson, Attorneys, 1928 Buhl Bldg., Detroit, Michigan.
MORTGAGE SALE—DEFAULT having been made in the conditions of a certain mortgage made by MASSEY SALEM and ZENIA SALEM, his wife, of the City of Highland Park, County of Wayne and State of Michigan, to the HIGHLAND PARK STATE BANK, of the City of Highland Park, County of Wayne and State of Michigan, a corporation organized and existing under the laws of the State of Michigan and having its principal place of business in the City of Highland Park, dated the 18th day of April, A. D. 1923, and recorded in the office of the Register of Deeds for Oakland County, Michigan, on the 23rd of April A. D. 1923, in Liber 172 of Mortgages, on Pages 122-123, on which mortgage there is due and unpaid at the date of this notice, including principal, taxes and interest, the sum of EIGHT HUNDRED EIGHTY-NINE and 59/100 ($889.59) Dollars, and no suit or proceedings at law or in equity having been instituted to recover the debt now remaining secured by said mortgage, or any part thereof; NOW THEREFORE, NOTICE is hereby given that by virtue of the power of sale in said mortgage contained, and of the statute of the State of Michigan, the undersigned will sell at public auction to the highest bidder for cash on Thursday, the 9th day of February, A. D. 1933 at twelve o'clock noon, Eastern Standard Time, at the easterly or Saginaw Street entrance to the Oakland County Building in the City of Pontiac, County of Oakland, and State of Michigan (that being the building wherein the Circuit Court for the County of Oakland is held) the premises described in said mortgage, or sufficient thereof to satisfy said indebtedness with seven per cent (7%) interest and all legal costs allowed by law and provided for in said mortgage, including attorneys' fees, the following described premises, situated in the Village of Ferndale, County of Oakland and State of Michigan: Lot No. Forty-four (44) Aston's Subdivision of Fourney's Subdivision of West 20 Acres of Southwest ¼ of Section 27, Town 1 North, Range 11 East, Royal Oak Township, Oakland County, Michigan. Plat recorded June 22, 1916, Liber 10, Page 35, Plats, together with the hereditaments and appurtenances thereof.
Dated: October 25, 1932.
HIGHLAND PARK STATE BANK, Mortgagee.
ANDERSON, WILCOX, LACY & LAWSON, Attorneys for Mortgagee. Nov. 3—Jan. 26
